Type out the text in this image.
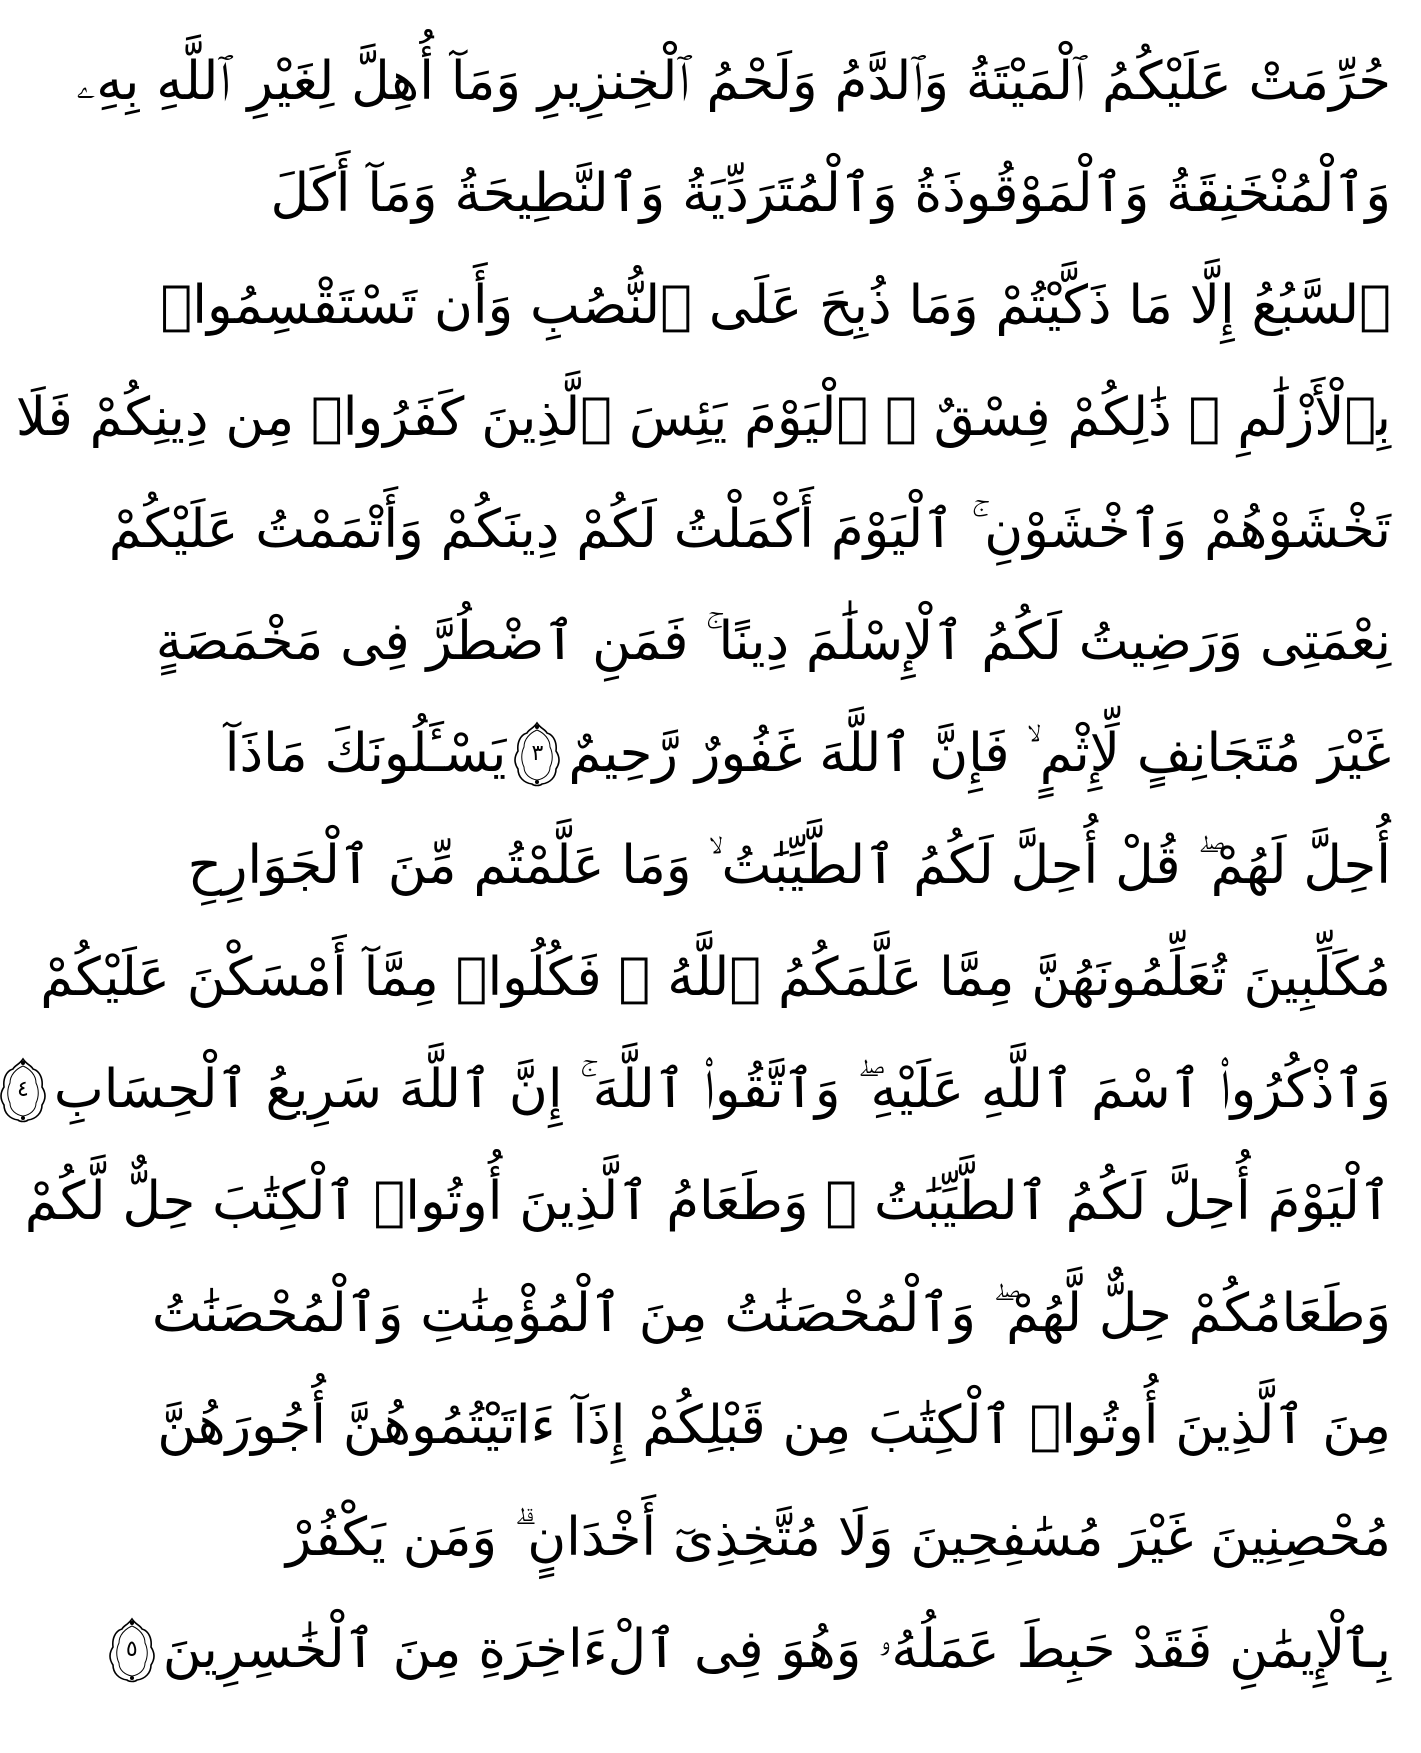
حُرِّمَتْ عَلَيْكُمُ ٱلْمَيْتَةُ وَٱلدَّمُ وَلَحْمُ ٱلْخِنزِيرِ وَمَآ أُهِلَّ لِغَيْرِ ٱللَّهِ بِهِۦ
وَٱلْمُنْخَنِقَةُ وَٱلْمَوْقُوذَةُ وَٱلْمُتَرَدِّيَةُ وَٱلنَّطِيحَةُ وَمَآ أَكَلَ
ٱلسَّبُعُ إِلَّا مَا ذَكَّيْتُمْ وَمَا ذُبِحَ عَلَى ٱلنُّصُبِ وَأَن تَسْتَقْسِمُوا۟
بِٱلْأَزْلَٰمِ ۚ ذَٰلِكُمْ فِسْقٌ ۗ ٱلْيَوْمَ يَئِسَ ٱلَّذِينَ كَفَرُوا۟ مِن دِينِكُمْ فَلَا
تَخْشَوْهُمْ وَٱخْشَوْنِ ۚ ٱلْيَوْمَ أَكْمَلْتُ لَكُمْ دِينَكُمْ وَأَتْمَمْتُ عَلَيْكُمْ
نِعْمَتِى وَرَضِيتُ لَكُمُ ٱلْإِسْلَٰمَ دِينًا ۚ فَمَنِ ٱضْطُرَّ فِى مَخْمَصَةٍ
غَيْرَ مُتَجَانِفٍ لِّإِثْمٍ ۙ فَإِنَّ ٱللَّهَ غَفُورٌ رَّحِيمٌ
٣
يَسْـَٔلُونَكَ مَاذَآ
أُحِلَّ لَهُمْ ۖ قُلْ أُحِلَّ لَكُمُ ٱلطَّيِّبَٰتُ ۙ وَمَا عَلَّمْتُم مِّنَ ٱلْجَوَارِحِ
مُكَلِّبِينَ تُعَلِّمُونَهُنَّ مِمَّا عَلَّمَكُمُ ٱللَّهُ ۖ فَكُلُوا۟ مِمَّآ أَمْسَكْنَ عَلَيْكُمْ
وَٱذْكُرُوا۟ ٱسْمَ ٱللَّهِ عَلَيْهِ ۖ وَٱتَّقُوا۟ ٱللَّهَ ۚ إِنَّ ٱللَّهَ سَرِيعُ ٱلْحِسَابِ
٤
ٱلْيَوْمَ أُحِلَّ لَكُمُ ٱلطَّيِّبَٰتُ ۖ وَطَعَامُ ٱلَّذِينَ أُوتُوا۟ ٱلْكِتَٰبَ حِلٌّ لَّكُمْ
وَطَعَامُكُمْ حِلٌّ لَّهُمْ ۖ وَٱلْمُحْصَنَٰتُ مِنَ ٱلْمُؤْمِنَٰتِ وَٱلْمُحْصَنَٰتُ
مِنَ ٱلَّذِينَ أُوتُوا۟ ٱلْكِتَٰبَ مِن قَبْلِكُمْ إِذَآ ءَاتَيْتُمُوهُنَّ أُجُورَهُنَّ
مُحْصِنِينَ غَيْرَ مُسَٰفِحِينَ وَلَا مُتَّخِذِىٓ أَخْدَانٍ ۗ وَمَن يَكْفُرْ
بِٱلْإِيمَٰنِ فَقَدْ حَبِطَ عَمَلُهُۥ وَهُوَ فِى ٱلْءَاخِرَةِ مِنَ ٱلْخَٰسِرِينَ
٥
